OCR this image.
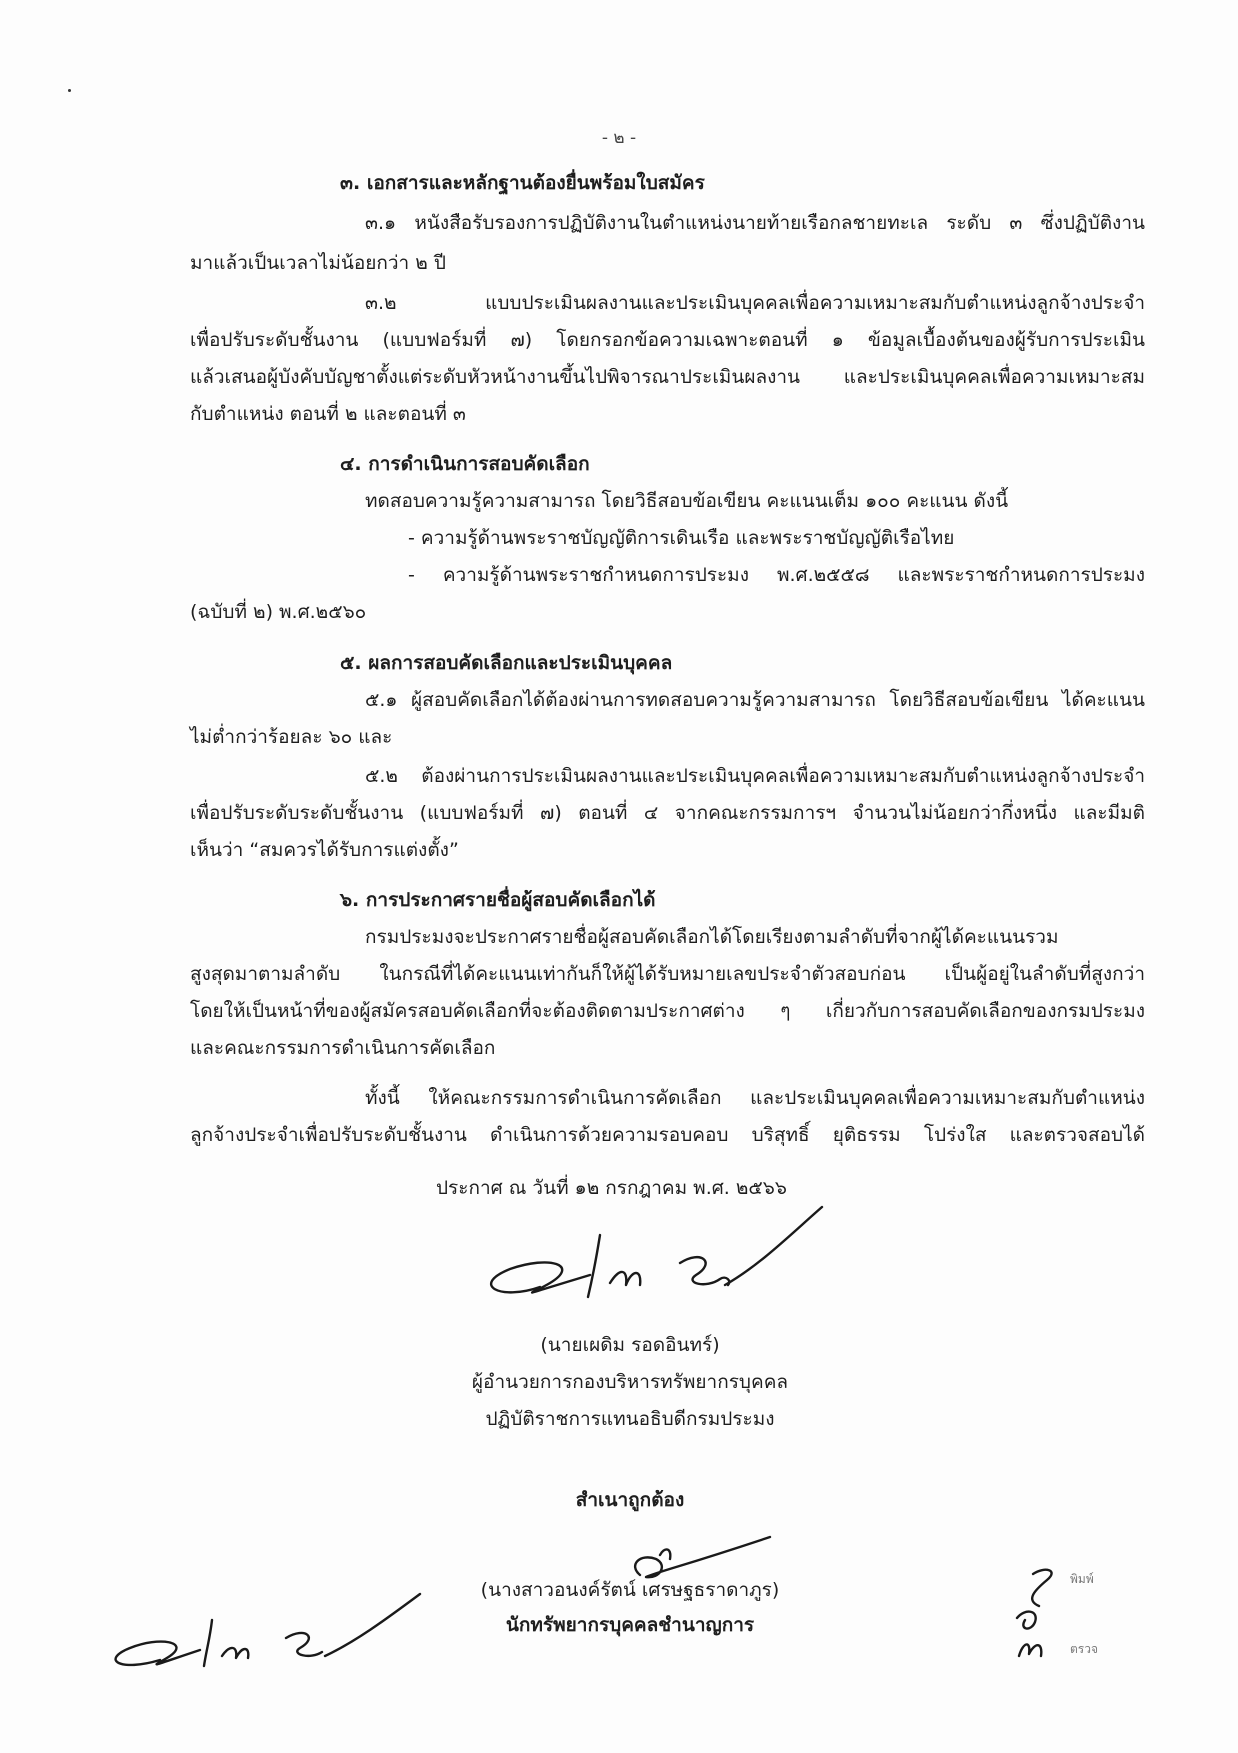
- ๒ -
๓. เอกสารและหลักฐานต้องยื่นพร้อมใบสมัคร
๓.๑ หนังสือรับรองการปฏิบัติงานในตำแหน่งนายท้ายเรือกลชายทะเล ระดับ ๓ ซึ่งปฏิบัติงาน
มาแล้วเป็นเวลาไม่น้อยกว่า ๒ ปี
๓.๒ แบบประเมินผลงานและประเมินบุคคลเพื่อความเหมาะสมกับตำแหน่งลูกจ้างประจำ
เพื่อปรับระดับชั้นงาน (แบบฟอร์มที่ ๗) โดยกรอกข้อความเฉพาะตอนที่ ๑ ข้อมูลเบื้องต้นของผู้รับการประเมิน
แล้วเสนอผู้บังคับบัญชาตั้งแต่ระดับหัวหน้างานขึ้นไปพิจารณาประเมินผลงาน และประเมินบุคคลเพื่อความเหมาะสม
กับตำแหน่ง ตอนที่ ๒ และตอนที่ ๓
๔. การดำเนินการสอบคัดเลือก
ทดสอบความรู้ความสามารถ โดยวิธีสอบข้อเขียน คะแนนเต็ม ๑๐๐ คะแนน ดังนี้
- ความรู้ด้านพระราชบัญญัติการเดินเรือ และพระราชบัญญัติเรือไทย
- ความรู้ด้านพระราชกำหนดการประมง พ.ศ.๒๕๕๘ และพระราชกำหนดการประมง
(ฉบับที่ ๒) พ.ศ.๒๕๖๐
๕. ผลการสอบคัดเลือกและประเมินบุคคล
๕.๑ ผู้สอบคัดเลือกได้ต้องผ่านการทดสอบความรู้ความสามารถ โดยวิธีสอบข้อเขียน ได้คะแนน
ไม่ต่ำกว่าร้อยละ ๖๐ และ
๕.๒ ต้องผ่านการประเมินผลงานและประเมินบุคคลเพื่อความเหมาะสมกับตำแหน่งลูกจ้างประจำ
เพื่อปรับระดับระดับชั้นงาน (แบบฟอร์มที่ ๗) ตอนที่ ๔ จากคณะกรรมการฯ จำนวนไม่น้อยกว่ากึ่งหนึ่ง และมีมติ
เห็นว่า “สมควรได้รับการแต่งตั้ง”
๖. การประกาศรายชื่อผู้สอบคัดเลือกได้
กรมประมงจะประกาศรายชื่อผู้สอบคัดเลือกได้โดยเรียงตามลำดับที่จากผู้ได้คะแนนรวม
สูงสุดมาตามลำดับ ในกรณีที่ได้คะแนนเท่ากันก็ให้ผู้ได้รับหมายเลขประจำตัวสอบก่อน เป็นผู้อยู่ในลำดับที่สูงกว่า
โดยให้เป็นหน้าที่ของผู้สมัครสอบคัดเลือกที่จะต้องติดตามประกาศต่าง ๆ เกี่ยวกับการสอบคัดเลือกของกรมประมง
และคณะกรรมการดำเนินการคัดเลือก
ทั้งนี้ ให้คณะกรรมการดำเนินการคัดเลือก และประเมินบุคคลเพื่อความเหมาะสมกับตำแหน่ง
ลูกจ้างประจำเพื่อปรับระดับชั้นงาน ดำเนินการด้วยความรอบคอบ บริสุทธิ์ ยุติธรรม โปร่งใส และตรวจสอบได้
ประกาศ ณ วันที่ ๑๒ กรกฎาคม พ.ศ. ๒๕๖๖
(นายเผดิม รอดอินทร์)
ผู้อำนวยการกองบริหารทรัพยากรบุคคล
ปฏิบัติราชการแทนอธิบดีกรมประมง
สำเนาถูกต้อง
(นางสาวอนงค์รัตน์ เศรษฐธราดาภูร)
นักทรัพยากรบุคคลชำนาญการ
พิมพ์
ตรวจ
